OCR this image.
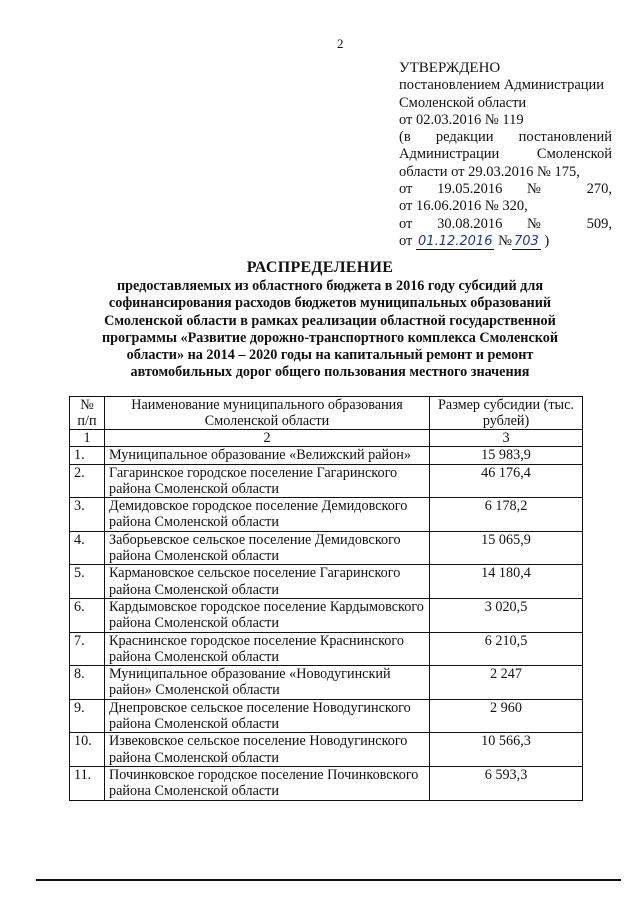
2
УТВЕРЖДЕНО
постановлением Администрации
Смоленской области
от 02.03.2016 № 119
(в редакции постановлений
Администрации Смоленской
области от 29.03.2016 № 175,
от 19.05.2016 № 270,
от 16.06.2016 № 320,
от 30.08.2016 № 509,
от 01.12.2016 № 703 )
РАСПРЕДЕЛЕНИЕ
предоставляемых из областного бюджета в 2016 году субсидий для софинансирования расходов бюджетов муниципальных образований Смоленской области в рамках реализации областной государственной программы «Развитие дорожно-транспортного комплекса Смоленской области» на 2014 – 2020 годы на капитальный ремонт и ремонт автомобильных дорог общего пользования местного значения
№ п/п	Наименование муниципального образования Смоленской области	Размер субсидии (тыс. рублей)
1	2	3
1.	Муниципальное образование «Велижский район»	15 983,9
2.	Гагаринское городское поселение Гагаринского района Смоленской области	46 176,4
3.	Демидовское городское поселение Демидовского района Смоленской области	6 178,2
4.	Заборьевское сельское поселение Демидовского района Смоленской области	15 065,9
5.	Кармановское сельское поселение Гагаринского района Смоленской области	14 180,4
6.	Кардымовское городское поселение Кардымовского района Смоленской области	3 020,5
7.	Краснинское городское поселение Краснинского района Смоленской области	6 210,5
8.	Муниципальное образование «Новодугинский район» Смоленской области	2 247
9.	Днепровское сельское поселение Новодугинского района Смоленской области	2 960
10.	Извековское сельское поселение Новодугинского района Смоленской области	10 566,3
11.	Починковское городское поселение Починковского района Смоленской области	6 593,3
